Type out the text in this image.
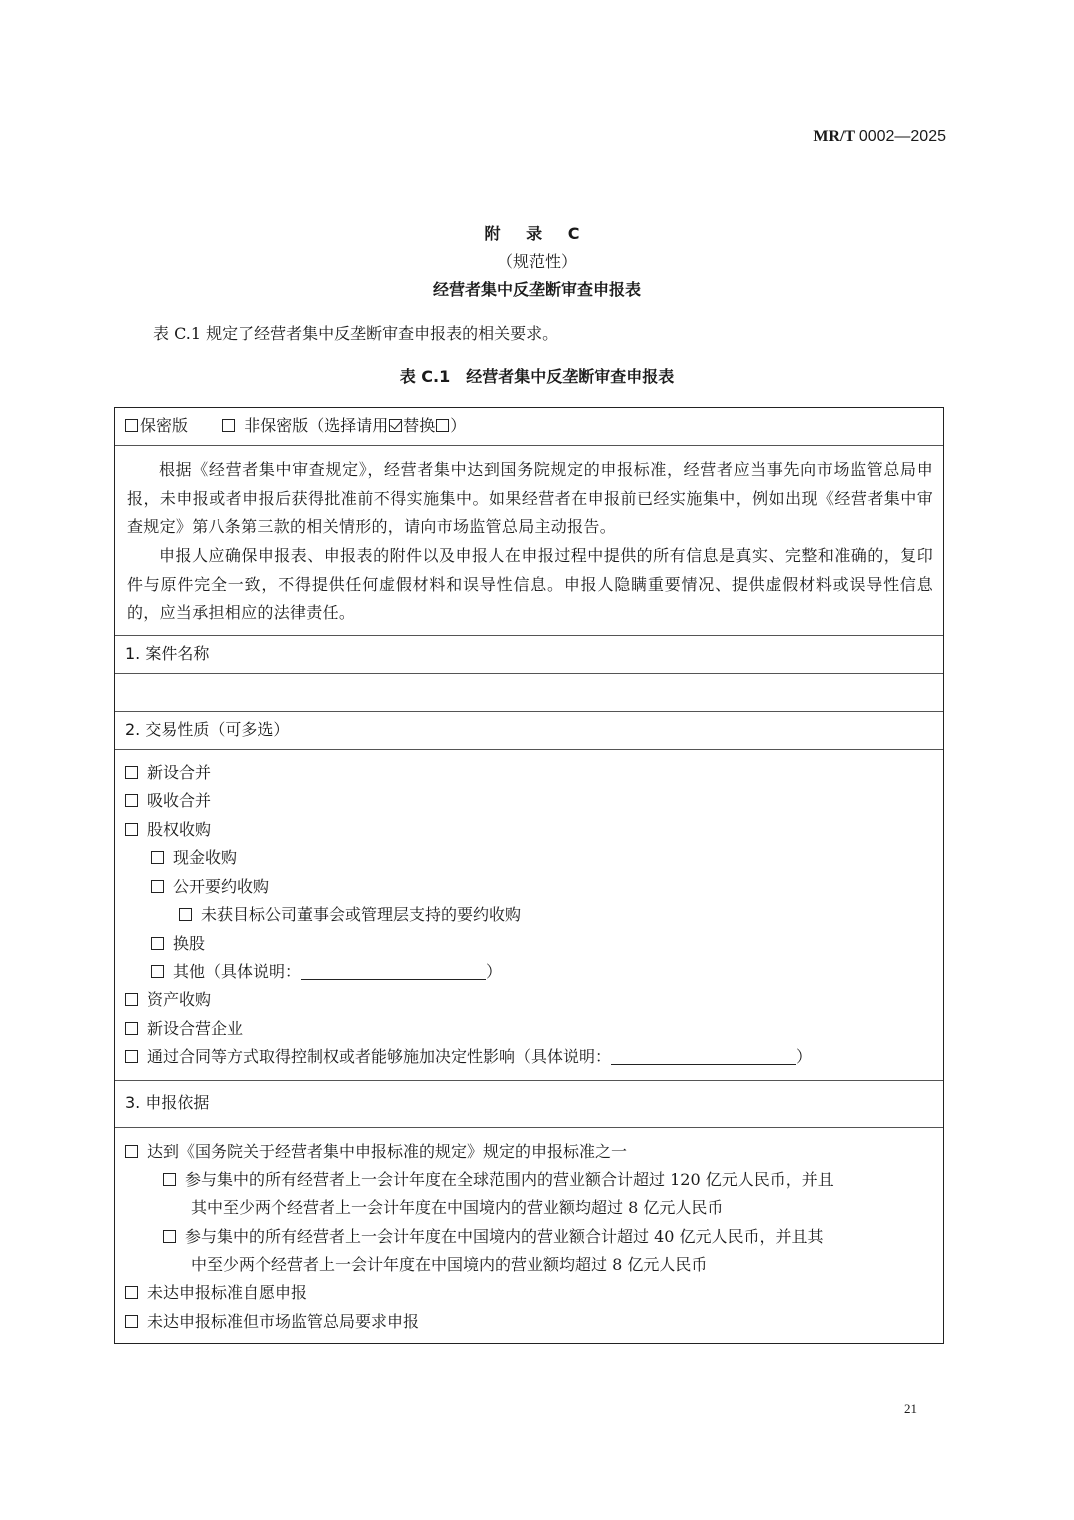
MR/T 0002—2025
附 录 C
（规范性）
经营者集中反垄断审查申报表
表 C.1 规定了经营者集中反垄断审查申报表的相关要求。
表 C.1　经营者集中反垄断审查申报表
保密版	非保密版（选择请用 替换 ）

根据《经营者集中审查规定》，经营者集中达到国务院规定的申报标准，经营者应当事先向市场监管总局申报，未申报或者申报后获得批准前不得实施集中。如果经营者在申报前已经实施集中，例如出现《经营者集中审查规定》第八条第三款的相关情形的，请向市场监管总局主动报告。

申报人应确保申报表、申报表的附件以及申报人在申报过程中提供的所有信息是真实、完整和准确的，复印件与原件完全一致，不得提供任何虚假材料和误导性信息。申报人隐瞒重要情况、提供虚假材料或误导性信息的，应当承担相应的法律责任。

1. 案件名称
2. 交易性质（可多选）
新设合并
吸收合并
股权收购
现金收购
公开要约收购
未获目标公司董事会或管理层支持的要约收购
换股
其他（具体说明：	）
资产收购
新设合营企业
通过合同等方式取得控制权或者能够施加决定性影响（具体说明：	）
3. 申报依据
达到《国务院关于经营者集中申报标准的规定》规定的申报标准之一
参与集中的所有经营者上一会计年度在全球范围内的营业额合计超过 120 亿元人民币，并且
其中至少两个经营者上一会计年度在中国境内的营业额均超过 8 亿元人民币
参与集中的所有经营者上一会计年度在中国境内的营业额合计超过 40 亿元人民币，并且其
中至少两个经营者上一会计年度在中国境内的营业额均超过 8 亿元人民币
未达申报标准自愿申报
未达申报标准但市场监管总局要求申报
21
